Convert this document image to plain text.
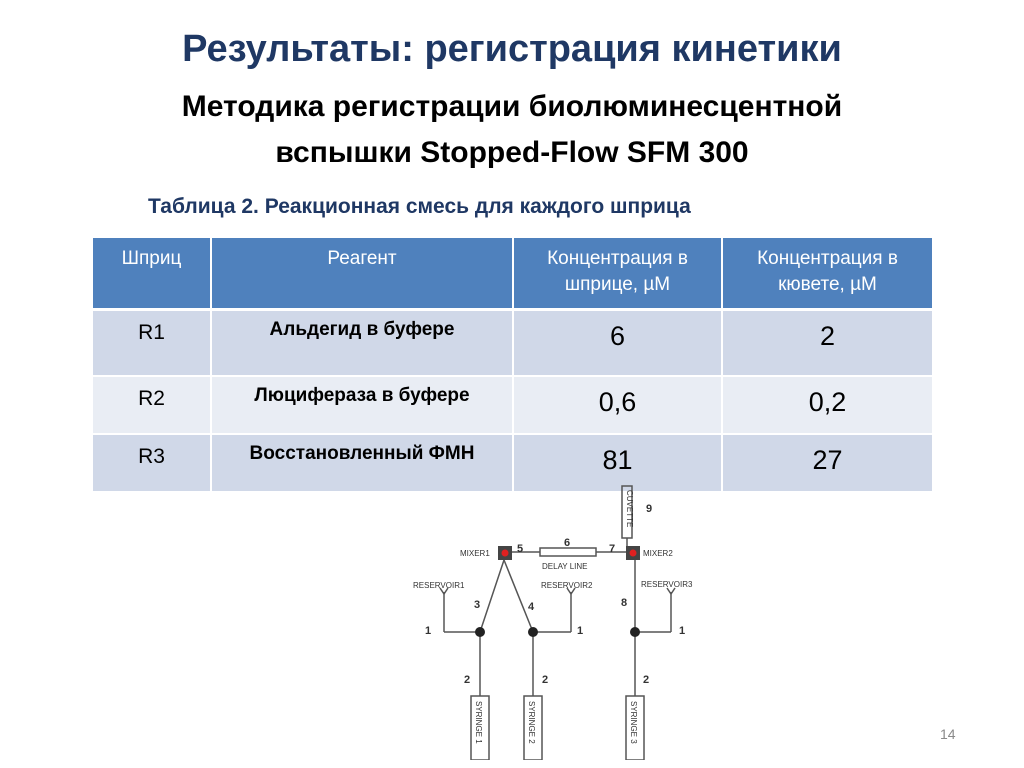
Результаты: регистрация кинетики
Методика регистрации биолюминесцентной
вспышки Stopped-Flow SFM 300
Таблица 2. Реакционная смесь для каждого шприца
Шприц	Реагент	Концентрация в шприце, µМ	Концентрация в кювете, µМ
R1	Альдегид в буфере	6	2
R2	Люцифераза в буфере	0,6	0,2
R3	Восстановленный ФМН	81	27
CUVETTE 9
MIXER1 5	6
DELAY LINE
7	MIXER2
RESERVOIR1	RESERVOIR2	RESERVOIR3
3	4	8
1	1	1
2	2	2
SYRINGE 1	SYRINGE 2	SYRINGE 3	14
